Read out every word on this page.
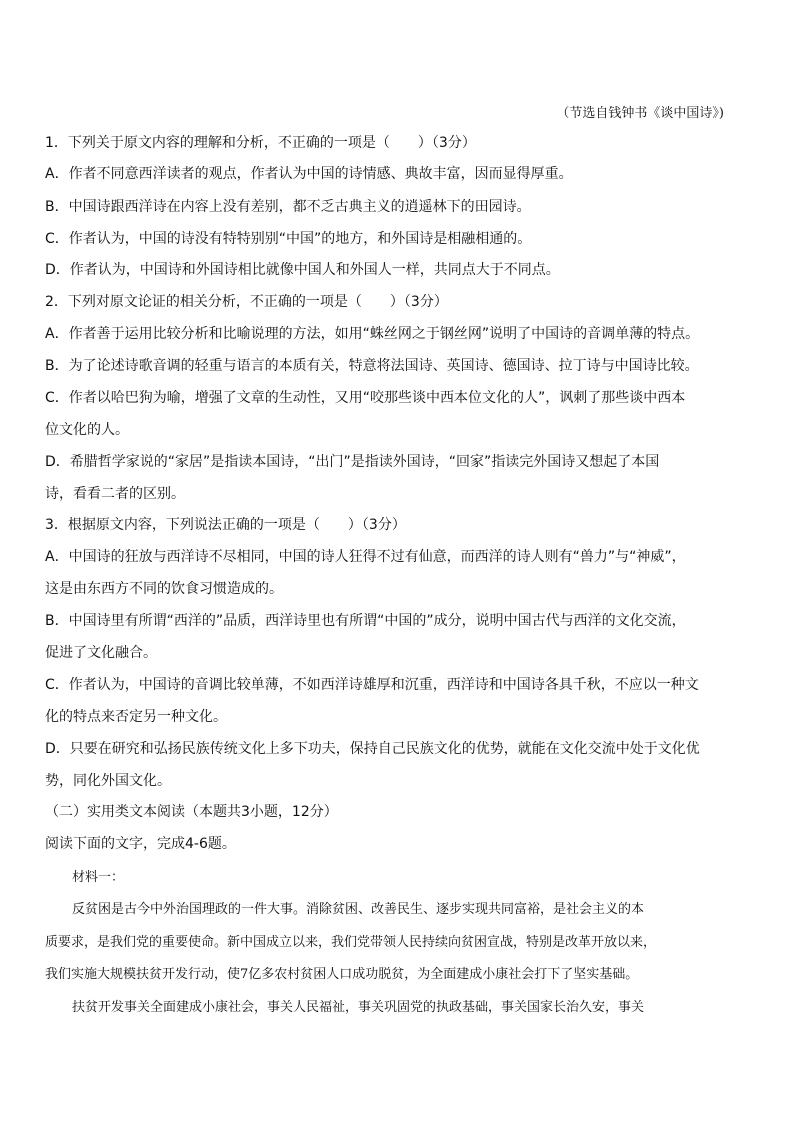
（节选自钱钟书《谈中国诗》)
1．下列关于原文内容的理解和分析，不正确的一项是（　　）（3分）
A．作者不同意西洋读者的观点，作者认为中国的诗情感、典故丰富，因而显得厚重。
B．中国诗跟西洋诗在内容上没有差别，都不乏古典主义的逍遥林下的田园诗。
C．作者认为，中国的诗没有特特别别“中国”的地方，和外国诗是相融相通的。
D．作者认为，中国诗和外国诗相比就像中国人和外国人一样，共同点大于不同点。
2．下列对原文论证的相关分析，不正确的一项是（　　）（3分）
A．作者善于运用比较分析和比喻说理的方法，如用“蛛丝网之于钢丝网”说明了中国诗的音调单薄的特点。
B．为了论述诗歌音调的轻重与语言的本质有关，特意将法国诗、英国诗、德国诗、拉丁诗与中国诗比较。
C．作者以哈巴狗为喻，增强了文章的生动性，又用“咬那些谈中西本位文化的人”，讽刺了那些谈中西本
位文化的人。
D．希腊哲学家说的“家居”是指读本国诗，“出门”是指读外国诗，“回家”指读完外国诗又想起了本国
诗，看看二者的区别。
3．根据原文内容，下列说法正确的一项是（　　）（3分）
A．中国诗的狂放与西洋诗不尽相同，中国的诗人狂得不过有仙意，而西洋的诗人则有“兽力”与“神威”，
这是由东西方不同的饮食习惯造成的。
B．中国诗里有所谓“西洋的”品质，西洋诗里也有所谓“中国的”成分，说明中国古代与西洋的文化交流，
促进了文化融合。
C．作者认为，中国诗的音调比较单薄，不如西洋诗雄厚和沉重，西洋诗和中国诗各具千秋，不应以一种文
化的特点来否定另一种文化。
D．只要在研究和弘扬民族传统文化上多下功夫，保持自己民族文化的优势，就能在文化交流中处于文化优
势，同化外国文化。
（二）实用类文本阅读（本题共3小题，12分）
阅读下面的文字，完成4-6题。
材料一：
反贫困是古今中外治国理政的一件大事。消除贫困、改善民生、逐步实现共同富裕，是社会主义的本
质要求，是我们党的重要使命。新中国成立以来，我们党带领人民持续向贫困宣战，特别是改革开放以来，
我们实施大规模扶贫开发行动，使7亿多农村贫困人口成功脱贫，为全面建成小康社会打下了坚实基础。
扶贫开发事关全面建成小康社会，事关人民福祉，事关巩固党的执政基础，事关国家长治久安，事关
